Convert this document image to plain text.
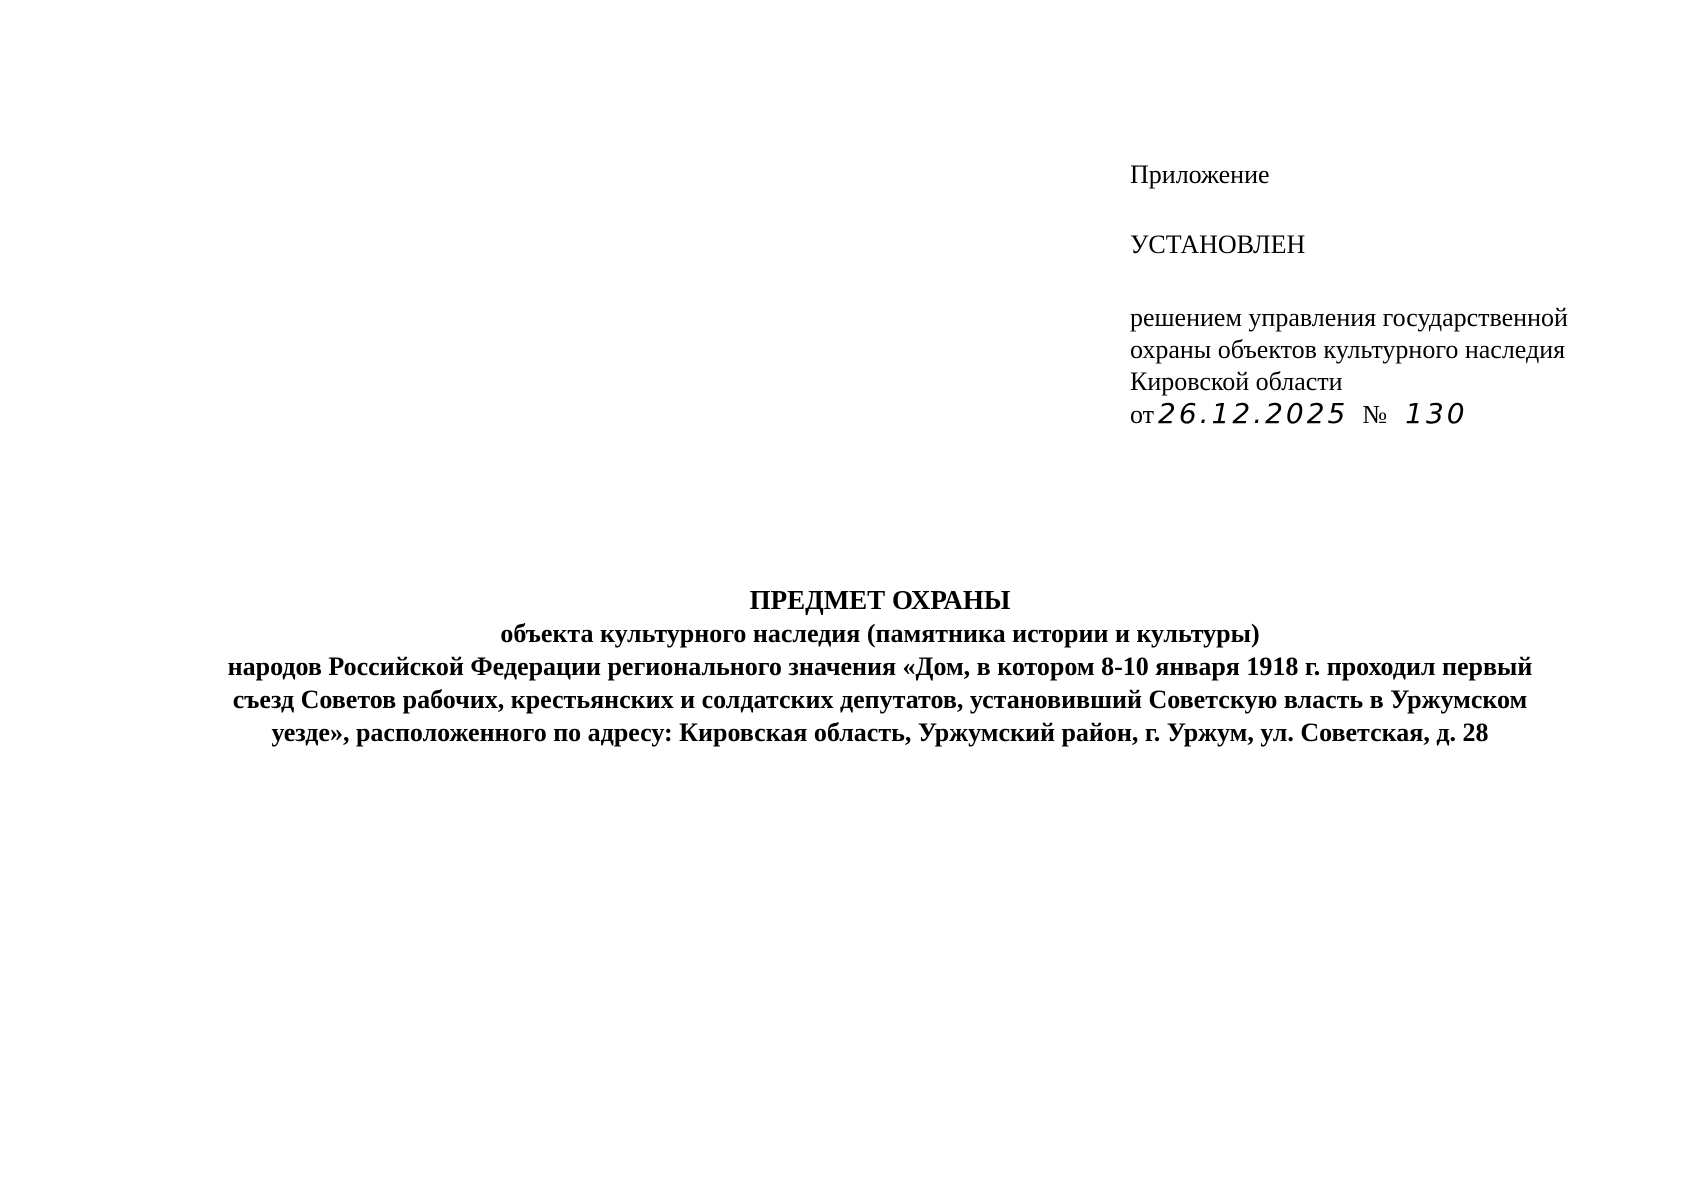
Приложение
УСТАНОВЛЕН
решением управления государственной
охраны объектов культурного наследия
Кировской области
от 26.12.2025 № 130
ПРЕДМЕТ ОХРАНЫ
объекта культурного наследия (памятника истории и культуры)
народов Российской Федерации регионального значения «Дом, в котором 8-10 января 1918 г. проходил первый
съезд Советов рабочих, крестьянских и солдатских депутатов, установивший Советскую власть в Уржумском
уезде», расположенного по адресу: Кировская область, Уржумский район, г. Уржум, ул. Советская, д. 28
